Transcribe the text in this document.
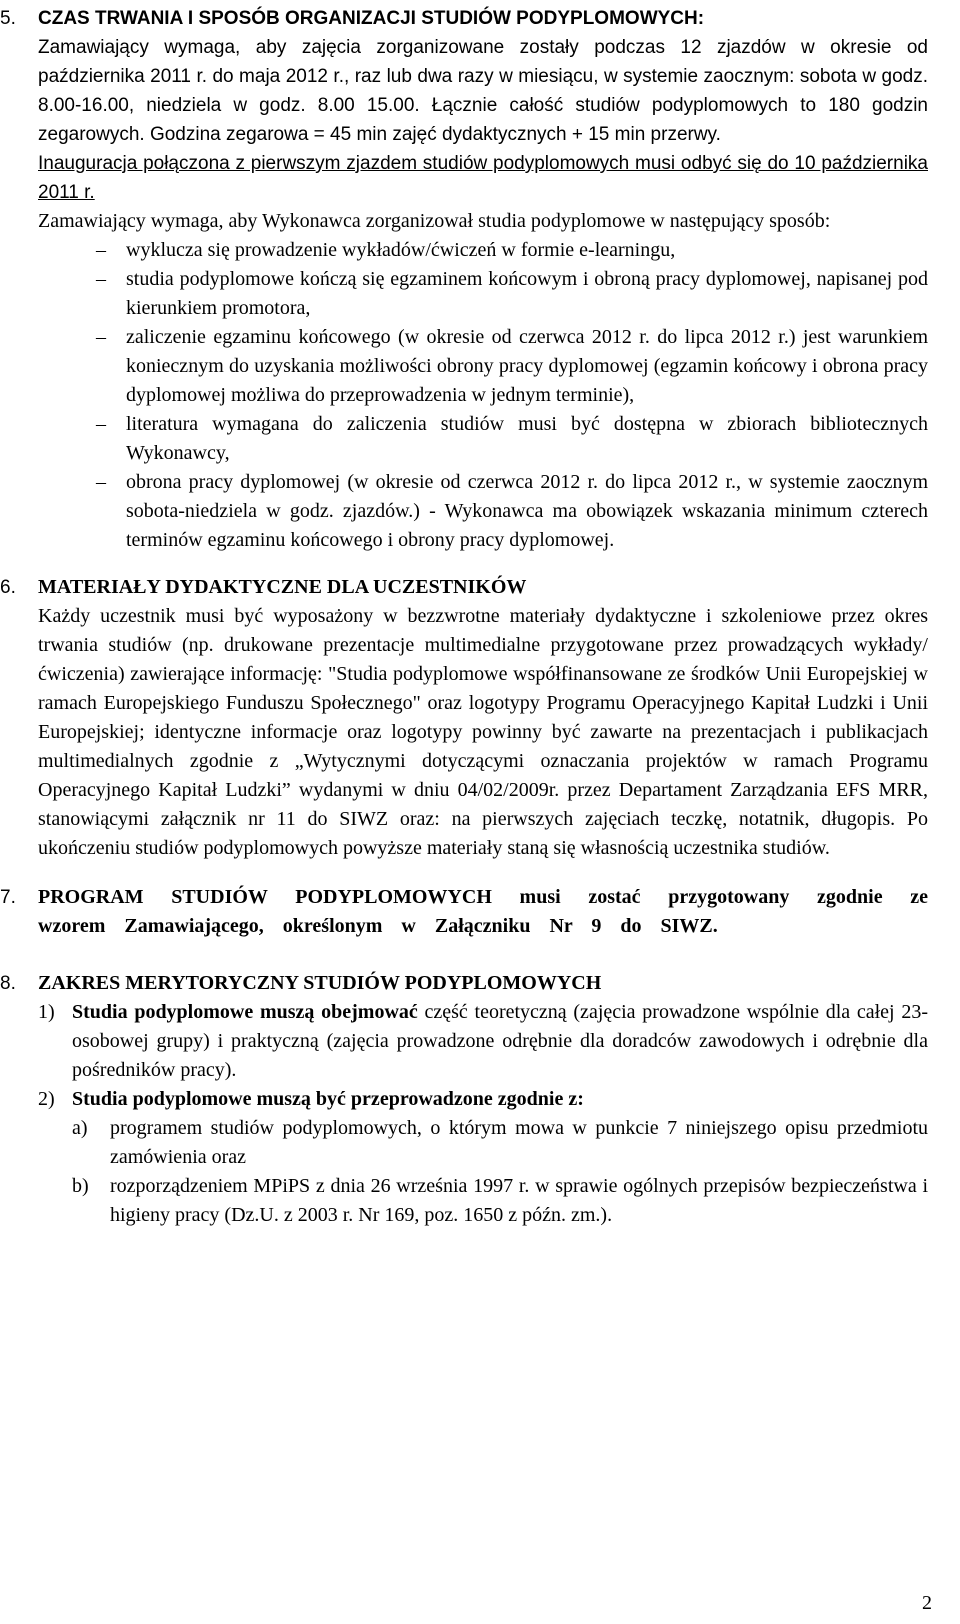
5. CZAS TRWANIA I SPOSÓB ORGANIZACJI STUDIÓW PODYPLOMOWYCH:

Zamawiający wymaga, aby zajęcia zorganizowane zostały podczas 12 zjazdów w okresie od października 2011 r. do maja 2012 r., raz lub dwa razy w miesiącu, w systemie zaocznym: sobota w godz. 8.00-16.00, niedziela w godz. 8.00 15.00. Łącznie całość studiów podyplomowych to 180 godzin zegarowych. Godzina zegarowa = 45 min zajęć dydaktycznych + 15 min przerwy.

Inauguracja połączona z pierwszym zjazdem studiów podyplomowych musi odbyć się do 10 października 2011 r.

Zamawiający wymaga, aby Wykonawca zorganizował studia podyplomowe w następujący sposób:

– wyklucza się prowadzenie wykładów/ćwiczeń w formie e-learningu,
– studia podyplomowe kończą się egzaminem końcowym i obroną pracy dyplomowej, napisanej pod kierunkiem promotora,
– zaliczenie egzaminu końcowego (w okresie od czerwca 2012 r. do lipca 2012 r.) jest warunkiem koniecznym do uzyskania możliwości obrony pracy dyplomowej (egzamin końcowy i obrona pracy dyplomowej możliwa do przeprowadzenia w jednym terminie),
– literatura wymagana do zaliczenia studiów musi być dostępna w zbiorach bibliotecznych Wykonawcy,
– obrona pracy dyplomowej (w okresie od czerwca 2012 r. do lipca 2012 r., w systemie zaocznym sobota-niedziela w godz. zjazdów.) - Wykonawca ma obowiązek wskazania minimum czterech terminów egzaminu końcowego i obrony pracy dyplomowej.
6. MATERIAŁY DYDAKTYCZNE DLA UCZESTNIKÓW

Każdy uczestnik musi być wyposażony w bezzwrotne materiały dydaktyczne i szkoleniowe przez okres trwania studiów (np. drukowane prezentacje multimedialne przygotowane przez prowadzących wykłady/ćwiczenia) zawierające informację: "Studia podyplomowe współfinansowane ze środków Unii Europejskiej w ramach Europejskiego Funduszu Społecznego" oraz logotypy Programu Operacyjnego Kapitał Ludzki i Unii Europejskiej; identyczne informacje oraz logotypy powinny być zawarte na prezentacjach i publikacjach multimedialnych zgodnie z „Wytycznymi dotyczącymi oznaczania projektów w ramach Programu Operacyjnego Kapitał Ludzki” wydanymi w dniu 04/02/2009r. przez Departament Zarządzania EFS MRR, stanowiącymi załącznik nr 11 do SIWZ oraz: na pierwszych zajęciach teczkę, notatnik, długopis. Po ukończeniu studiów podyplomowych powyższe materiały staną się własnością uczestnika studiów.

7. PROGRAM STUDIÓW PODYPLOMOWYCH musi zostać przygotowany zgodnie ze wzorem Zamawiającego, określonym w Załączniku Nr 9 do SIWZ.

8. ZAKRES MERYTORYCZNY STUDIÓW PODYPLOMOWYCH

1) Studia podyplomowe muszą obejmować część teoretyczną (zajęcia prowadzone wspólnie dla całej 23-osobowej grupy) i praktyczną (zajęcia prowadzone odrębnie dla doradców zawodowych i odrębnie dla pośredników pracy).
2) Studia podyplomowe muszą być przeprowadzone zgodnie z:
a) programem studiów podyplomowych, o którym mowa w punkcie 7 niniejszego opisu przedmiotu zamówienia oraz
b) rozporządzeniem MPiPS z dnia 26 września 1997 r. w sprawie ogólnych przepisów bezpieczeństwa i higieny pracy (Dz.U. z 2003 r. Nr 169, poz. 1650 z późn. zm.).
2
